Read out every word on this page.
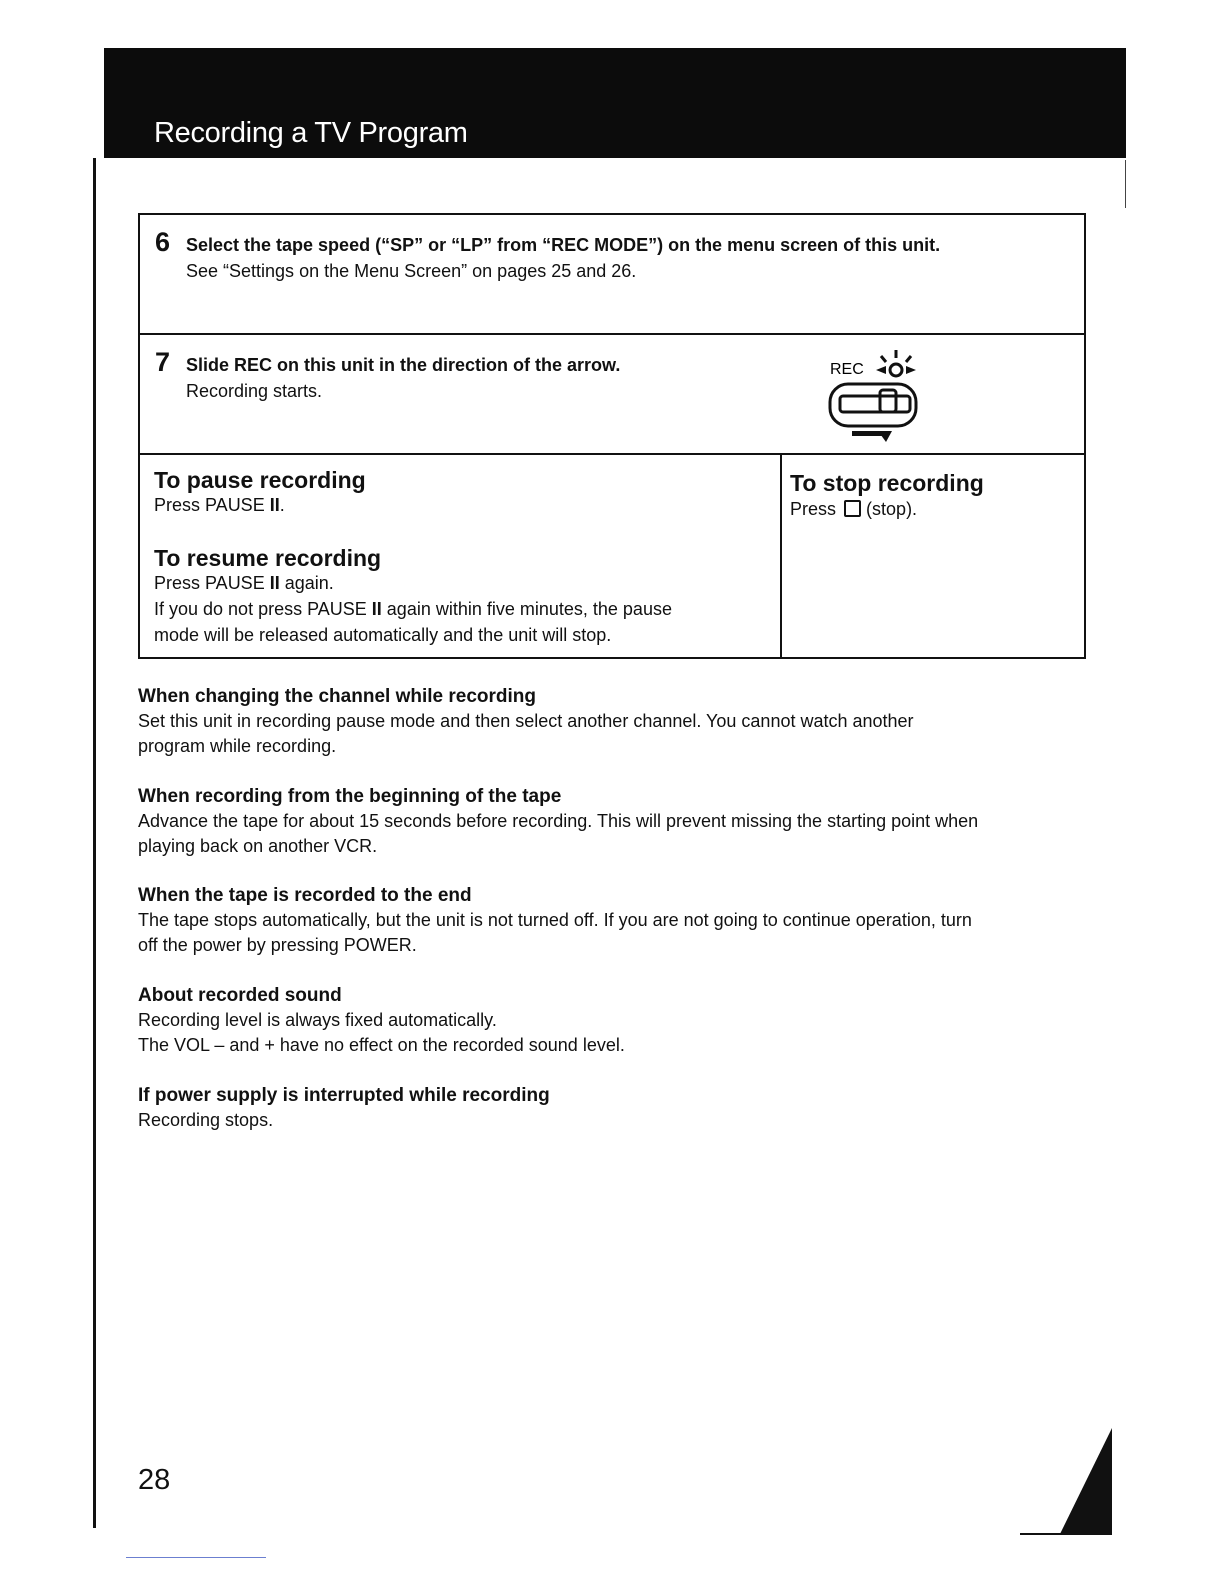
Recording a TV Program
6 Select the tape speed (“SP” or “LP” from “REC MODE”) on the menu screen of this unit.
See “Settings on the Menu Screen” on pages 25 and 26.
7 Slide REC on this unit in the direction of the arrow.
Recording starts.
To pause recording
Press PAUSE II.
To resume recording
Press PAUSE II again.
If you do not press PAUSE II again within five minutes, the pause
mode will be released automatically and the unit will stop.
To stop recording
Press  (stop).
REC
When changing the channel while recording
Set this unit in recording pause mode and then select another channel. You cannot watch another
program while recording.
When recording from the beginning of the tape
Advance the tape for about 15 seconds before recording. This will prevent missing the starting point when
playing back on another VCR.
When the tape is recorded to the end
The tape stops automatically, but the unit is not turned off. If you are not going to continue operation, turn
off the power by pressing POWER.
About recorded sound
Recording level is always fixed automatically.
The VOL – and + have no effect on the recorded sound level.
If power supply is interrupted while recording
Recording stops.
28
